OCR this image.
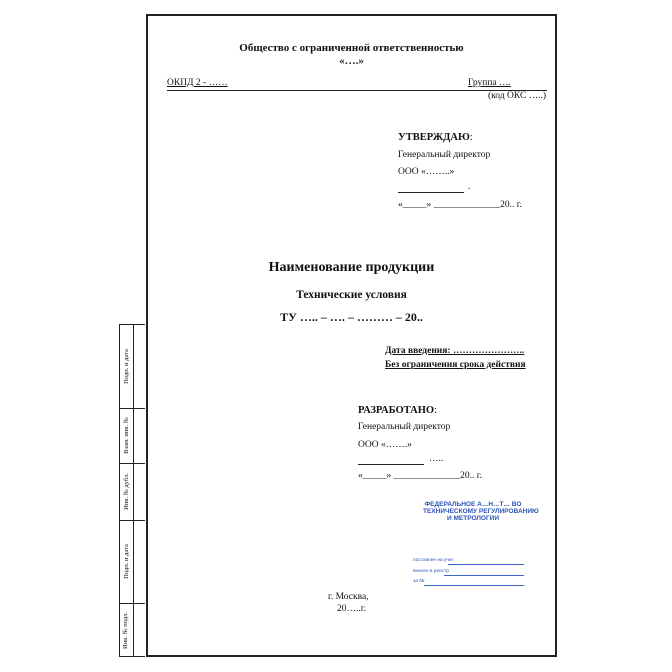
Подп. и дата
Взам. инв. №
Инв. № дубл.
Подп. и дата
Инв. № подл.
Общество с ограниченной ответственностью
«….»
ОКПД 2 - ……	Группа ….
(код ОКС …..)
УТВЕРЖДАЮ:
Генеральный директор
ООО «……..»
.
«_____» ______________20.. г.
Наименование продукции
Технические условия
ТУ ….. – …. – ……… – 20..
Дата введения: …………………..
Без ограничения срока действия
РАЗРАБОТАНО:
Генеральный директор
ООО «…….»
…..
«_____» ______________20.. г.
ФЕДЕРАЛЬНОЕ А…Н…Т… ВО
ТЕХНИЧЕСКОМУ РЕГУЛИРОВАНИЮ
И МЕТРОЛОГИИ
поставлен на учет
внесен в реестр
за №
г. Москва,
20…..г.
